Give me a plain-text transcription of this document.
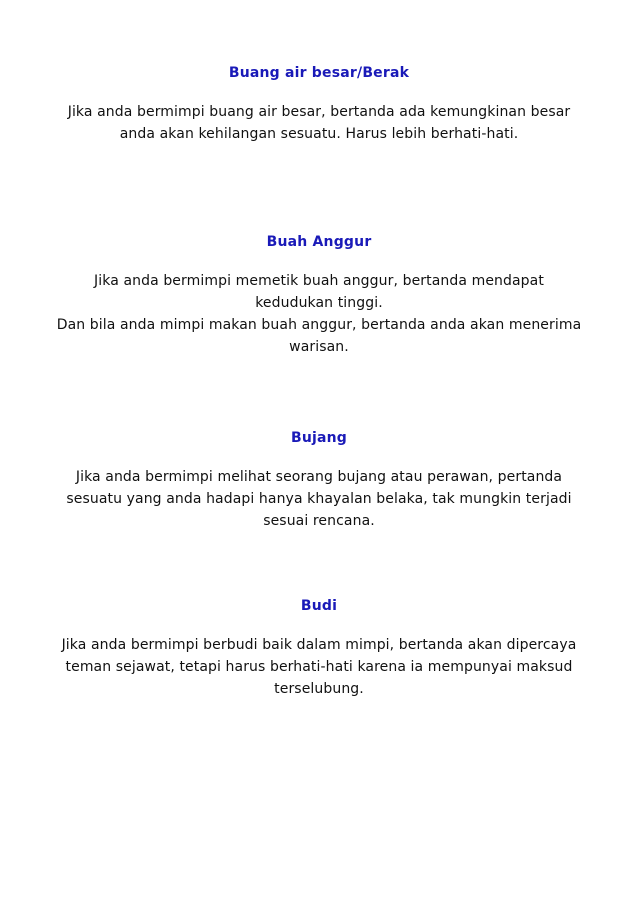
Buang air besar/Berak

Jika anda bermimpi buang air besar, bertanda ada kemungkinan besar anda akan kehilangan sesuatu. Harus lebih berhati-hati.

Buah Anggur

Jika anda bermimpi memetik buah anggur, bertanda mendapat kedudukan tinggi.

Dan bila anda mimpi makan buah anggur, bertanda anda akan menerima warisan.

Bujang

Jika anda bermimpi melihat seorang bujang atau perawan, pertanda sesuatu yang anda hadapi hanya khayalan belaka, tak mungkin terjadi sesuai rencana.

Budi

Jika anda bermimpi berbudi baik dalam mimpi, bertanda akan dipercaya teman sejawat, tetapi harus berhati-hati karena ia mempunyai maksud terselubung.
